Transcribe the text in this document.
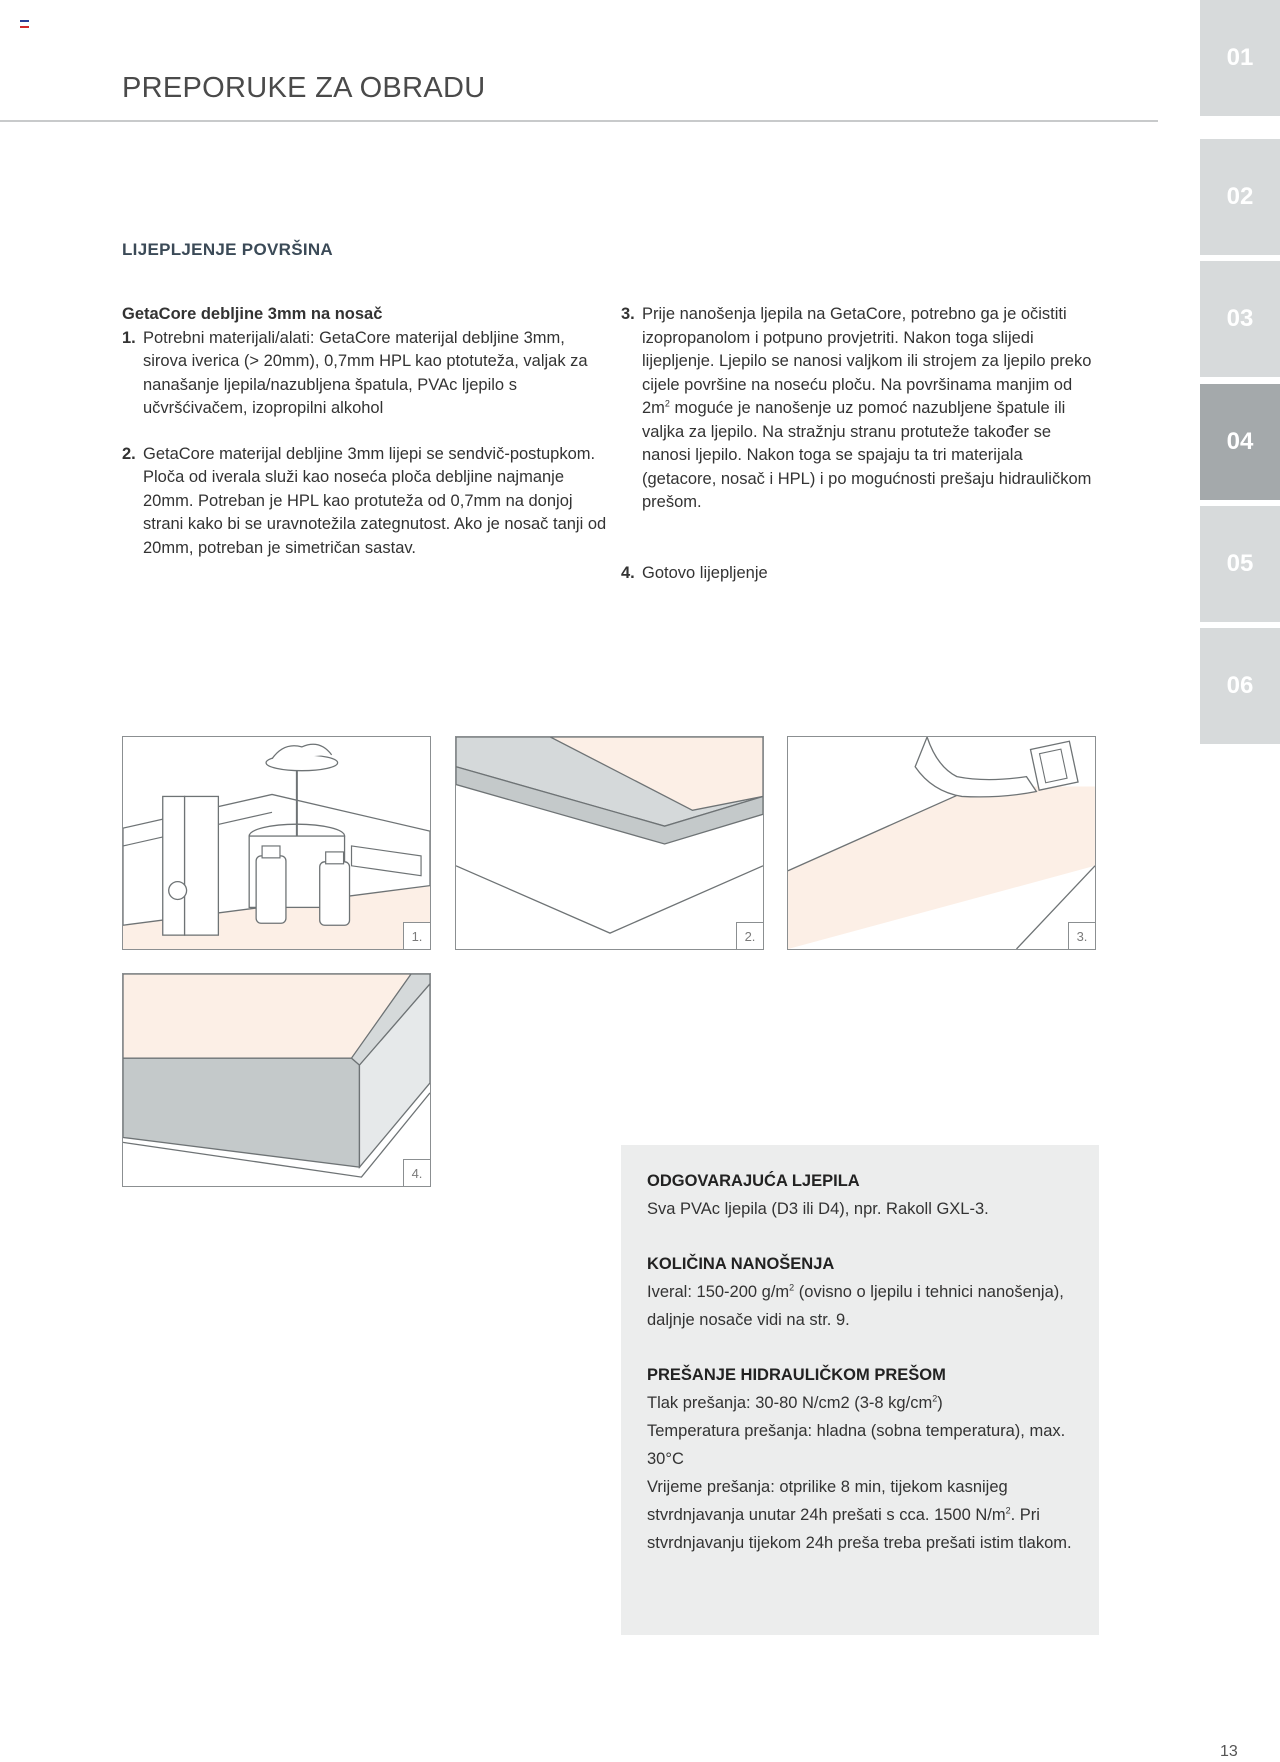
PREPORUKE ZA OBRADU
01
02
03
04
05
06
LIJEPLJENJE POVRŠINA

GetaCore debljine 3mm na nosač

1. Potrebni materijali/alati: GetaCore materijal debljine 3mm, sirova iverica (> 20mm), 0,7mm HPL kao ptotuteža, valjak za nanašanje ljepila/nazubljena špatula, PVAc ljepilo s učvršćivačem, izopropilni alkohol

2. GetaCore materijal debljine 3mm lijepi se sendvič-postupkom. Ploča od iverala služi kao noseća ploča debljine najmanje 20mm. Potreban je HPL kao protuteža od 0,7mm na donjoj strani kako bi se uravnotežila zategnutost. Ako je nosač tanji od 20mm, potreban je simetričan sastav.

3. Prije nanošenja ljepila na GetaCore, potrebno ga je očistiti izopropanolom i potpuno provjetriti. Nakon toga slijedi lijepljenje. Ljepilo se nanosi valjkom ili strojem za ljepilo preko cijele površine na noseću ploču. Na površinama manjim od $2m^2$ moguće je nanošenje uz pomoć nazubljene špatule ili valjka za ljepilo. Na stražnju stranu protuteže također se nanosi ljepilo. Nakon toga se spajaju ta tri materijala (getacore, nosač i HPL) i po mogućnosti prešaju hidrauličkom prešom.

4. Gotovo lijepljenje

1.	2.	3.
4.	ODGOVARAJUĆA LJEPILA

Sva PVAc ljepila (D3 ili D4), npr. Rakoll GXL-3.

KOLIČINA NANOŠENJA

Iveral: 150-200 $g/m^2$ (ovisno o ljepilu i tehnici nanošenja),

daljnje nosače vidi na str. 9.

PREŠANJE HIDRAULIČKOM PREŠOM

Tlak prešanja: 30-80 N/cm2 (3-8 $kg/cm^2$)

Temperatura prešanja: hladna (sobna temperatura), max. 30°C

Vrijeme prešanja: otprilike 8 min, tijekom kasnijeg

stvrdnjavanja unutar 24h prešati s cca. 1500 $N/m^2$. Pri

stvrdnjavanju tijekom 24h preša treba prešati istim tlakom.

13
